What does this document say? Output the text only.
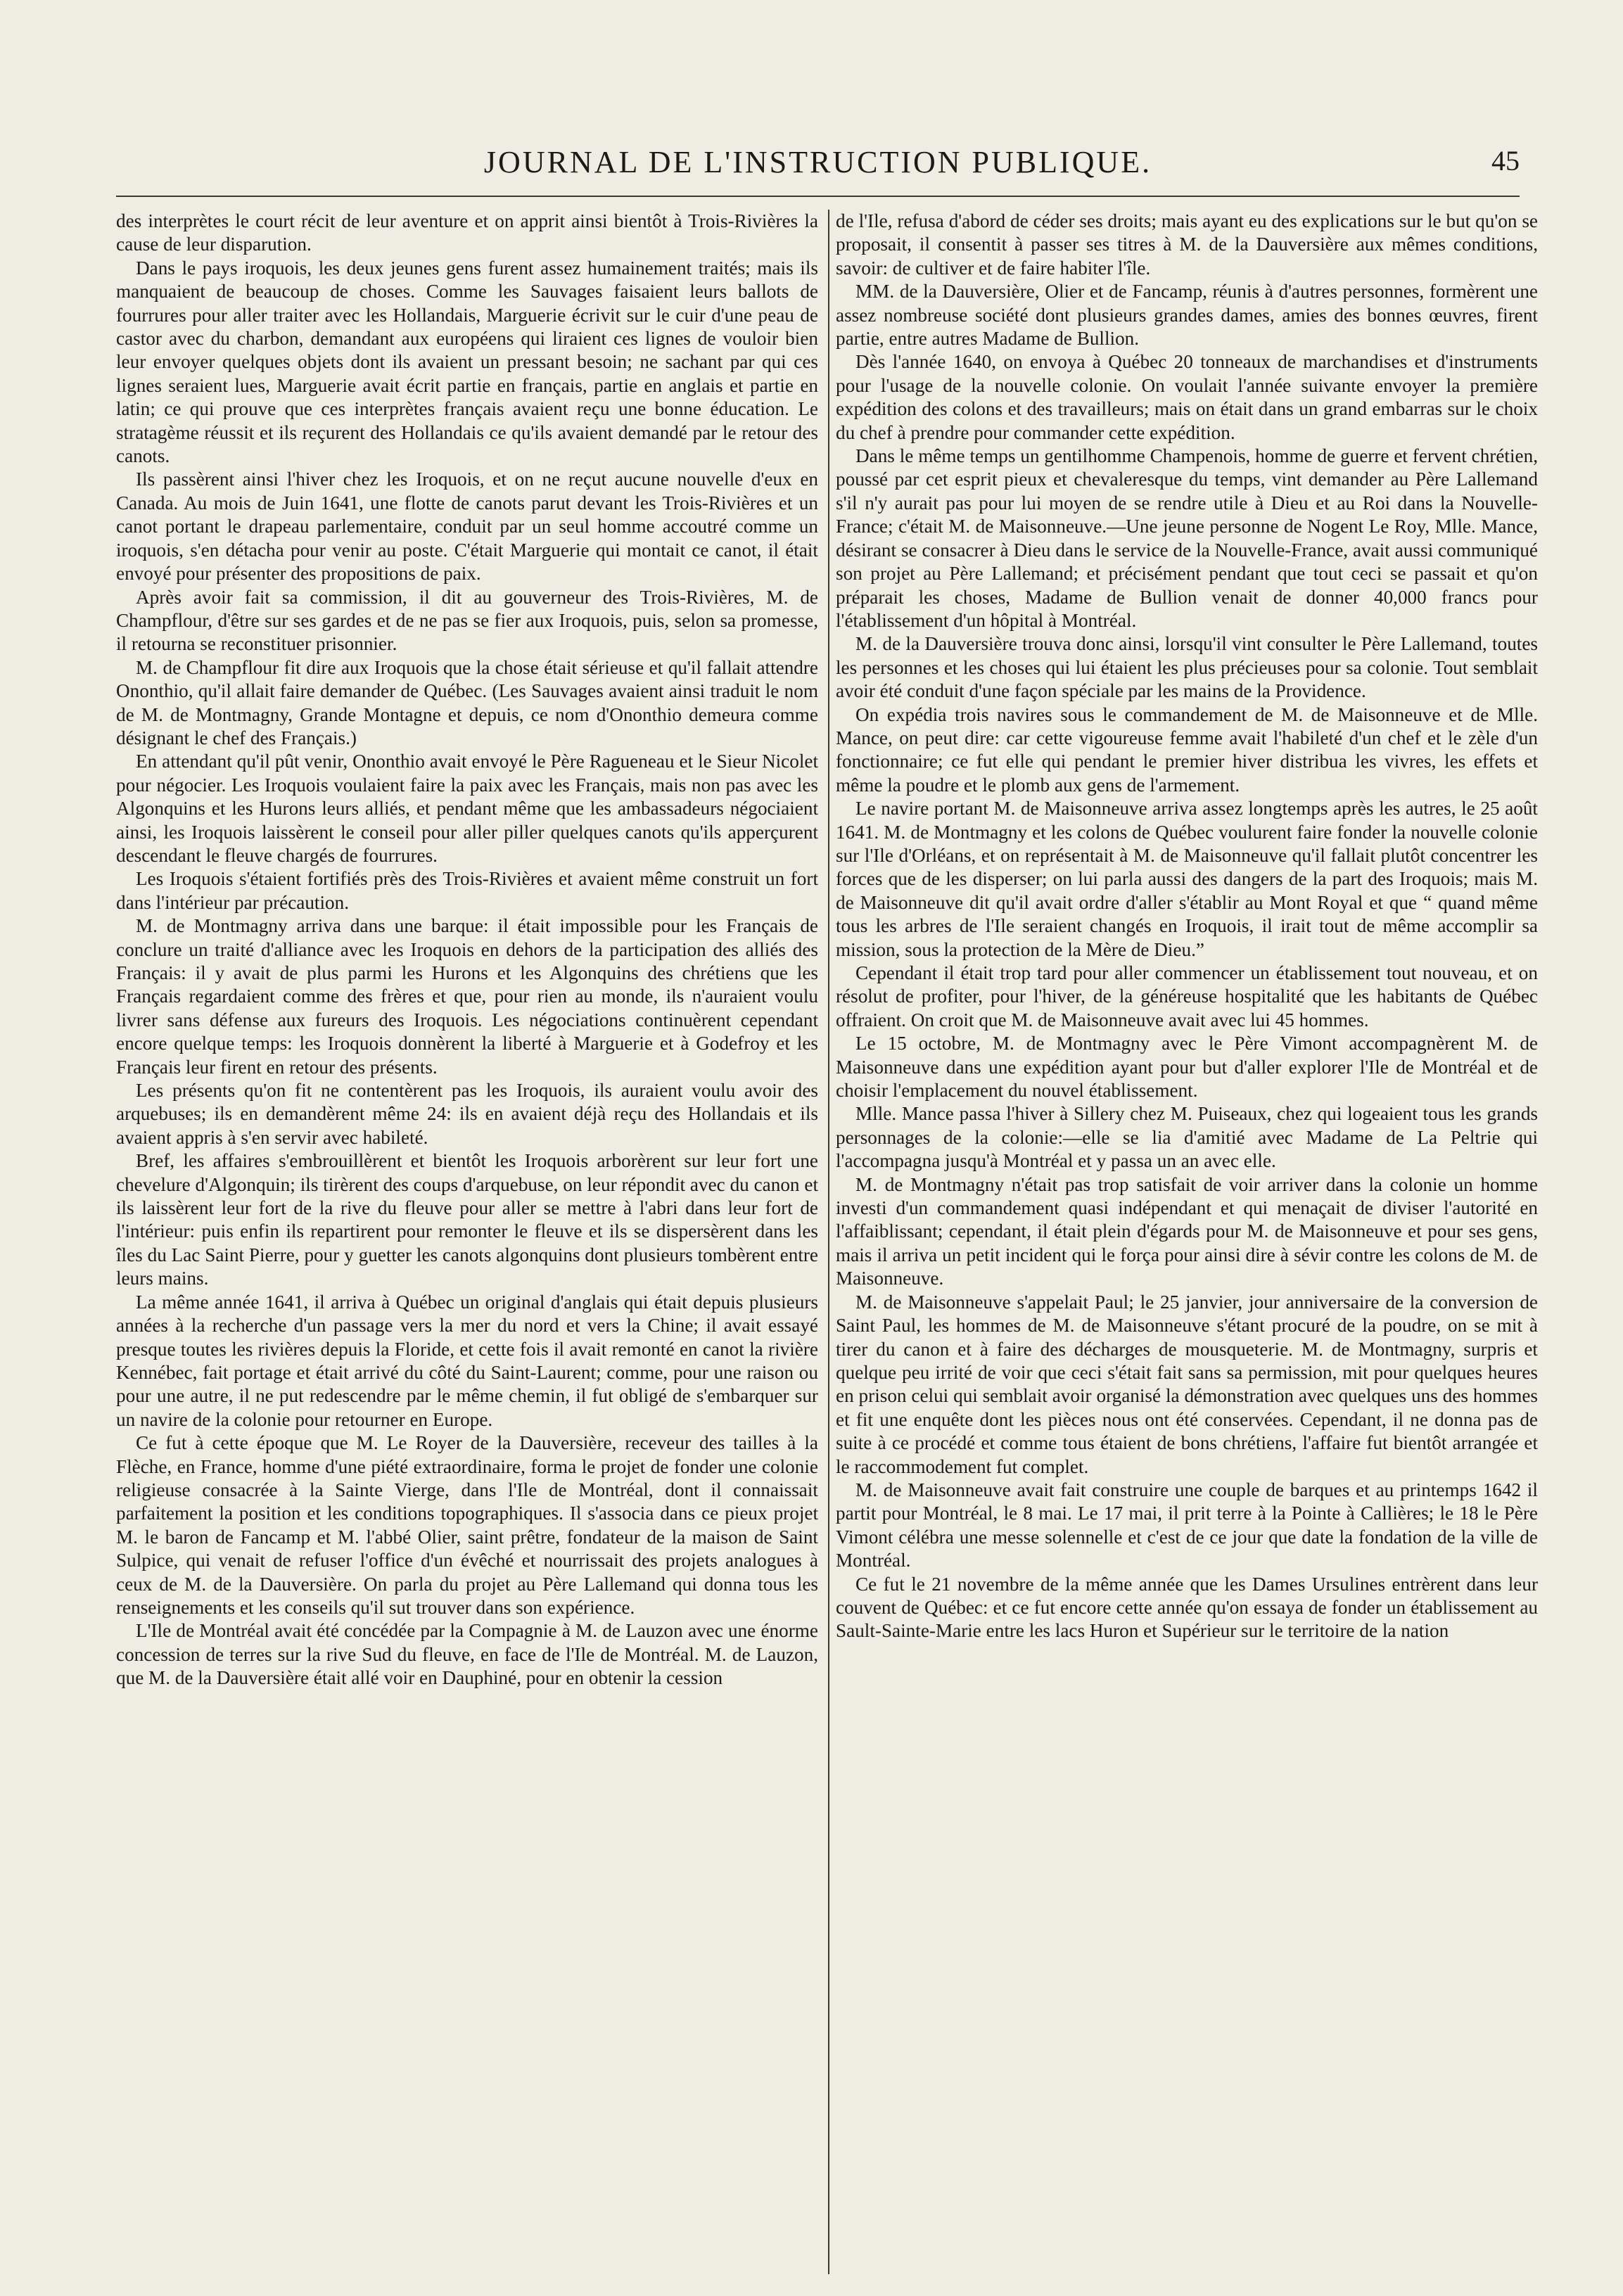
JOURNAL DE L'INSTRUCTION PUBLIQUE.	45

des interprètes le court récit de leur aventure et on apprit ainsi bientôt à Trois-Rivières la cause de leur disparution.

Dans le pays iroquois, les deux jeunes gens furent assez humainement traités; mais ils manquaient de beaucoup de choses. Comme les Sauvages faisaient leurs ballots de fourrures pour aller traiter avec les Hollandais, Marguerie écrivit sur le cuir d'une peau de castor avec du charbon, demandant aux européens qui liraient ces lignes de vouloir bien leur envoyer quelques objets dont ils avaient un pressant besoin; ne sachant par qui ces lignes seraient lues, Marguerie avait écrit partie en français, partie en anglais et partie en latin; ce qui prouve que ces interprètes français avaient reçu une bonne éducation. Le stratagème réussit et ils reçurent des Hollandais ce qu'ils avaient demandé par le retour des canots.

Ils passèrent ainsi l'hiver chez les Iroquois, et on ne reçut aucune nouvelle d'eux en Canada. Au mois de Juin 1641, une flotte de canots parut devant les Trois-Rivières et un canot portant le drapeau parlementaire, conduit par un seul homme accoutré comme un iroquois, s'en détacha pour venir au poste. C'était Marguerie qui montait ce canot, il était envoyé pour présenter des propositions de paix.

Après avoir fait sa commission, il dit au gouverneur des Trois-Rivières, M. de Champflour, d'être sur ses gardes et de ne pas se fier aux Iroquois, puis, selon sa promesse, il retourna se reconstituer prisonnier.

M. de Champflour fit dire aux Iroquois que la chose était sérieuse et qu'il fallait attendre Ononthio, qu'il allait faire demander de Québec. (Les Sauvages avaient ainsi traduit le nom de M. de Montmagny, Grande Montagne et depuis, ce nom d'Ononthio demeura comme désignant le chef des Français.)

En attendant qu'il pût venir, Ononthio avait envoyé le Père Ragueneau et le Sieur Nicolet pour négocier. Les Iroquois voulaient faire la paix avec les Français, mais non pas avec les Algonquins et les Hurons leurs alliés, et pendant même que les ambassadeurs négociaient ainsi, les Iroquois laissèrent le conseil pour aller piller quelques canots qu'ils apperçurent descendant le fleuve chargés de fourrures.

Les Iroquois s'étaient fortifiés près des Trois-Rivières et avaient même construit un fort dans l'intérieur par précaution.

M. de Montmagny arriva dans une barque: il était impossible pour les Français de conclure un traité d'alliance avec les Iroquois en dehors de la participation des alliés des Français: il y avait de plus parmi les Hurons et les Algonquins des chrétiens que les Français regardaient comme des frères et que, pour rien au monde, ils n'auraient voulu livrer sans défense aux fureurs des Iroquois. Les négociations continuèrent cependant encore quelque temps: les Iroquois donnèrent la liberté à Marguerie et à Godefroy et les Français leur firent en retour des présents.

Les présents qu'on fit ne contentèrent pas les Iroquois, ils auraient voulu avoir des arquebuses; ils en demandèrent même 24: ils en avaient déjà reçu des Hollandais et ils avaient appris à s'en servir avec habileté.

Bref, les affaires s'embrouillèrent et bientôt les Iroquois arborèrent sur leur fort une chevelure d'Algonquin; ils tirèrent des coups d'arquebuse, on leur répondit avec du canon et ils laissèrent leur fort de la rive du fleuve pour aller se mettre à l'abri dans leur fort de l'intérieur: puis enfin ils repartirent pour remonter le fleuve et ils se dispersèrent dans les îles du Lac Saint Pierre, pour y guetter les canots algonquins dont plusieurs tombèrent entre leurs mains.

La même année 1641, il arriva à Québec un original d'anglais qui était depuis plusieurs années à la recherche d'un passage vers la mer du nord et vers la Chine; il avait essayé presque toutes les rivières depuis la Floride, et cette fois il avait remonté en canot la rivière Kennébec, fait portage et était arrivé du côté du Saint-Laurent; comme, pour une raison ou pour une autre, il ne put redescendre par le même chemin, il fut obligé de s'embarquer sur un navire de la colonie pour retourner en Europe.

Ce fut à cette époque que M. Le Royer de la Dauversière, receveur des tailles à la Flèche, en France, homme d'une piété extraordinaire, forma le projet de fonder une colonie religieuse consacrée à la Sainte Vierge, dans l'Ile de Montréal, dont il connaissait parfaitement la position et les conditions topographiques. Il s'associa dans ce pieux projet M. le baron de Fancamp et M. l'abbé Olier, saint prêtre, fondateur de la maison de Saint Sulpice, qui venait de refuser l'office d'un évêché et nourrissait des projets analogues à ceux de M. de la Dauversière. On parla du projet au Père Lallemand qui donna tous les renseignements et les conseils qu'il sut trouver dans son expérience.

L'Ile de Montréal avait été concédée par la Compagnie à M. de Lauzon avec une énorme concession de terres sur la rive Sud du fleuve, en face de l'Ile de Montréal. M. de Lauzon, que M. de la Dauversière était allé voir en Dauphiné, pour en obtenir la cession

de l'Ile, refusa d'abord de céder ses droits; mais ayant eu des explications sur le but qu'on se proposait, il consentit à passer ses titres à M. de la Dauversière aux mêmes conditions, savoir: de cultiver et de faire habiter l'île.

MM. de la Dauversière, Olier et de Fancamp, réunis à d'autres personnes, formèrent une assez nombreuse société dont plusieurs grandes dames, amies des bonnes œuvres, firent partie, entre autres Madame de Bullion.

Dès l'année 1640, on envoya à Québec 20 tonneaux de marchandises et d'instruments pour l'usage de la nouvelle colonie. On voulait l'année suivante envoyer la première expédition des colons et des travailleurs; mais on était dans un grand embarras sur le choix du chef à prendre pour commander cette expédition.

Dans le même temps un gentilhomme Champenois, homme de guerre et fervent chrétien, poussé par cet esprit pieux et chevaleresque du temps, vint demander au Père Lallemand s'il n'y aurait pas pour lui moyen de se rendre utile à Dieu et au Roi dans la Nouvelle-France; c'était M. de Maisonneuve.—Une jeune personne de Nogent Le Roy, Mlle. Mance, désirant se consacrer à Dieu dans le service de la Nouvelle-France, avait aussi communiqué son projet au Père Lallemand; et précisément pendant que tout ceci se passait et qu'on préparait les choses, Madame de Bullion venait de donner 40,000 francs pour l'établissement d'un hôpital à Montréal.

M. de la Dauversière trouva donc ainsi, lorsqu'il vint consulter le Père Lallemand, toutes les personnes et les choses qui lui étaient les plus précieuses pour sa colonie. Tout semblait avoir été conduit d'une façon spéciale par les mains de la Providence.

On expédia trois navires sous le commandement de M. de Maisonneuve et de Mlle. Mance, on peut dire: car cette vigoureuse femme avait l'habileté d'un chef et le zèle d'un fonctionnaire; ce fut elle qui pendant le premier hiver distribua les vivres, les effets et même la poudre et le plomb aux gens de l'armement.

Le navire portant M. de Maisonneuve arriva assez longtemps après les autres, le 25 août 1641. M. de Montmagny et les colons de Québec voulurent faire fonder la nouvelle colonie sur l'Ile d'Orléans, et on représentait à M. de Maisonneuve qu'il fallait plutôt concentrer les forces que de les disperser; on lui parla aussi des dangers de la part des Iroquois; mais M. de Maisonneuve dit qu'il avait ordre d'aller s'établir au Mont Royal et que “ quand même tous les arbres de l'Ile seraient changés en Iroquois, il irait tout de même accomplir sa mission, sous la protection de la Mère de Dieu.”

Cependant il était trop tard pour aller commencer un établissement tout nouveau, et on résolut de profiter, pour l'hiver, de la généreuse hospitalité que les habitants de Québec offraient. On croit que M. de Maisonneuve avait avec lui 45 hommes.

Le 15 octobre, M. de Montmagny avec le Père Vimont accompagnèrent M. de Maisonneuve dans une expédition ayant pour but d'aller explorer l'Ile de Montréal et de choisir l'emplacement du nouvel établissement.

Mlle. Mance passa l'hiver à Sillery chez M. Puiseaux, chez qui logeaient tous les grands personnages de la colonie:—elle se lia d'amitié avec Madame de La Peltrie qui l'accompagna jusqu'à Montréal et y passa un an avec elle.

M. de Montmagny n'était pas trop satisfait de voir arriver dans la colonie un homme investi d'un commandement quasi indépendant et qui menaçait de diviser l'autorité en l'affaiblissant; cependant, il était plein d'égards pour M. de Maisonneuve et pour ses gens, mais il arriva un petit incident qui le força pour ainsi dire à sévir contre les colons de M. de Maisonneuve.

M. de Maisonneuve s'appelait Paul; le 25 janvier, jour anniversaire de la conversion de Saint Paul, les hommes de M. de Maisonneuve s'étant procuré de la poudre, on se mit à tirer du canon et à faire des décharges de mousqueterie. M. de Montmagny, surpris et quelque peu irrité de voir que ceci s'était fait sans sa permission, mit pour quelques heures en prison celui qui semblait avoir organisé la démonstration avec quelques uns des hommes et fit une enquête dont les pièces nous ont été conservées. Cependant, il ne donna pas de suite à ce procédé et comme tous étaient de bons chrétiens, l'affaire fut bientôt arrangée et le raccommodement fut complet.

M. de Maisonneuve avait fait construire une couple de barques et au printemps 1642 il partit pour Montréal, le 8 mai. Le 17 mai, il prit terre à la Pointe à Callières; le 18 le Père Vimont célébra une messe solennelle et c'est de ce jour que date la fondation de la ville de Montréal.

Ce fut le 21 novembre de la même année que les Dames Ursulines entrèrent dans leur couvent de Québec: et ce fut encore cette année qu'on essaya de fonder un établissement au Sault-Sainte-Marie entre les lacs Huron et Supérieur sur le territoire de la nation
